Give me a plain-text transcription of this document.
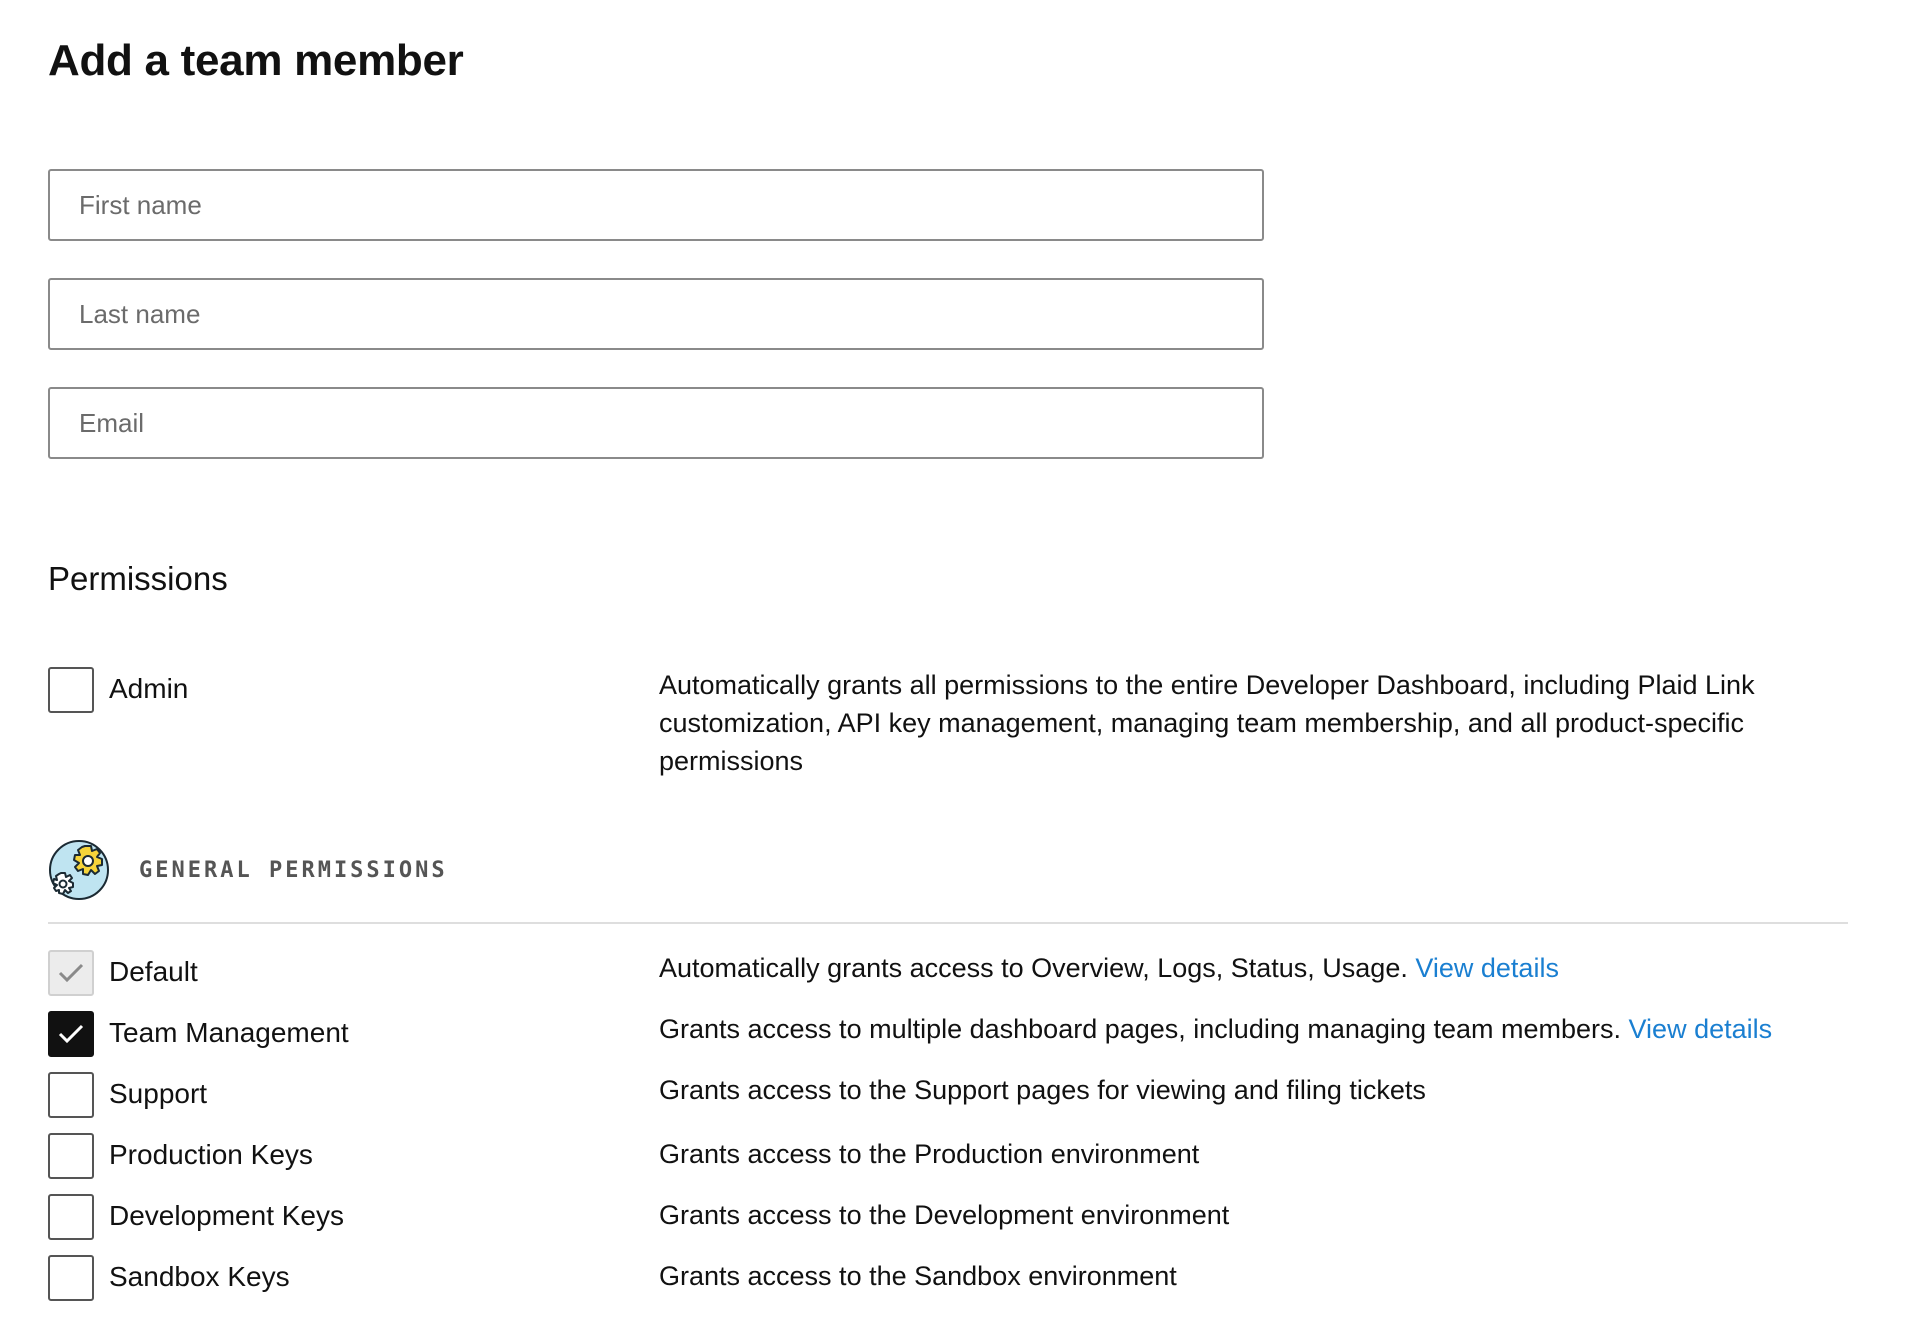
Add a team member
First name
Last name
Email
Permissions
Admin	Automatically grants all permissions to the entire Developer Dashboard, including Plaid Link customization, API key management, managing team membership, and all product-specific permissions
GENERAL PERMISSIONS
Default	Automatically grants access to Overview, Logs, Status, Usage. View details
Team Management	Grants access to multiple dashboard pages, including managing team members. View details
Support	Grants access to the Support pages for viewing and filing tickets
Production Keys	Grants access to the Production environment
Development Keys	Grants access to the Development environment
Sandbox Keys	Grants access to the Sandbox environment
